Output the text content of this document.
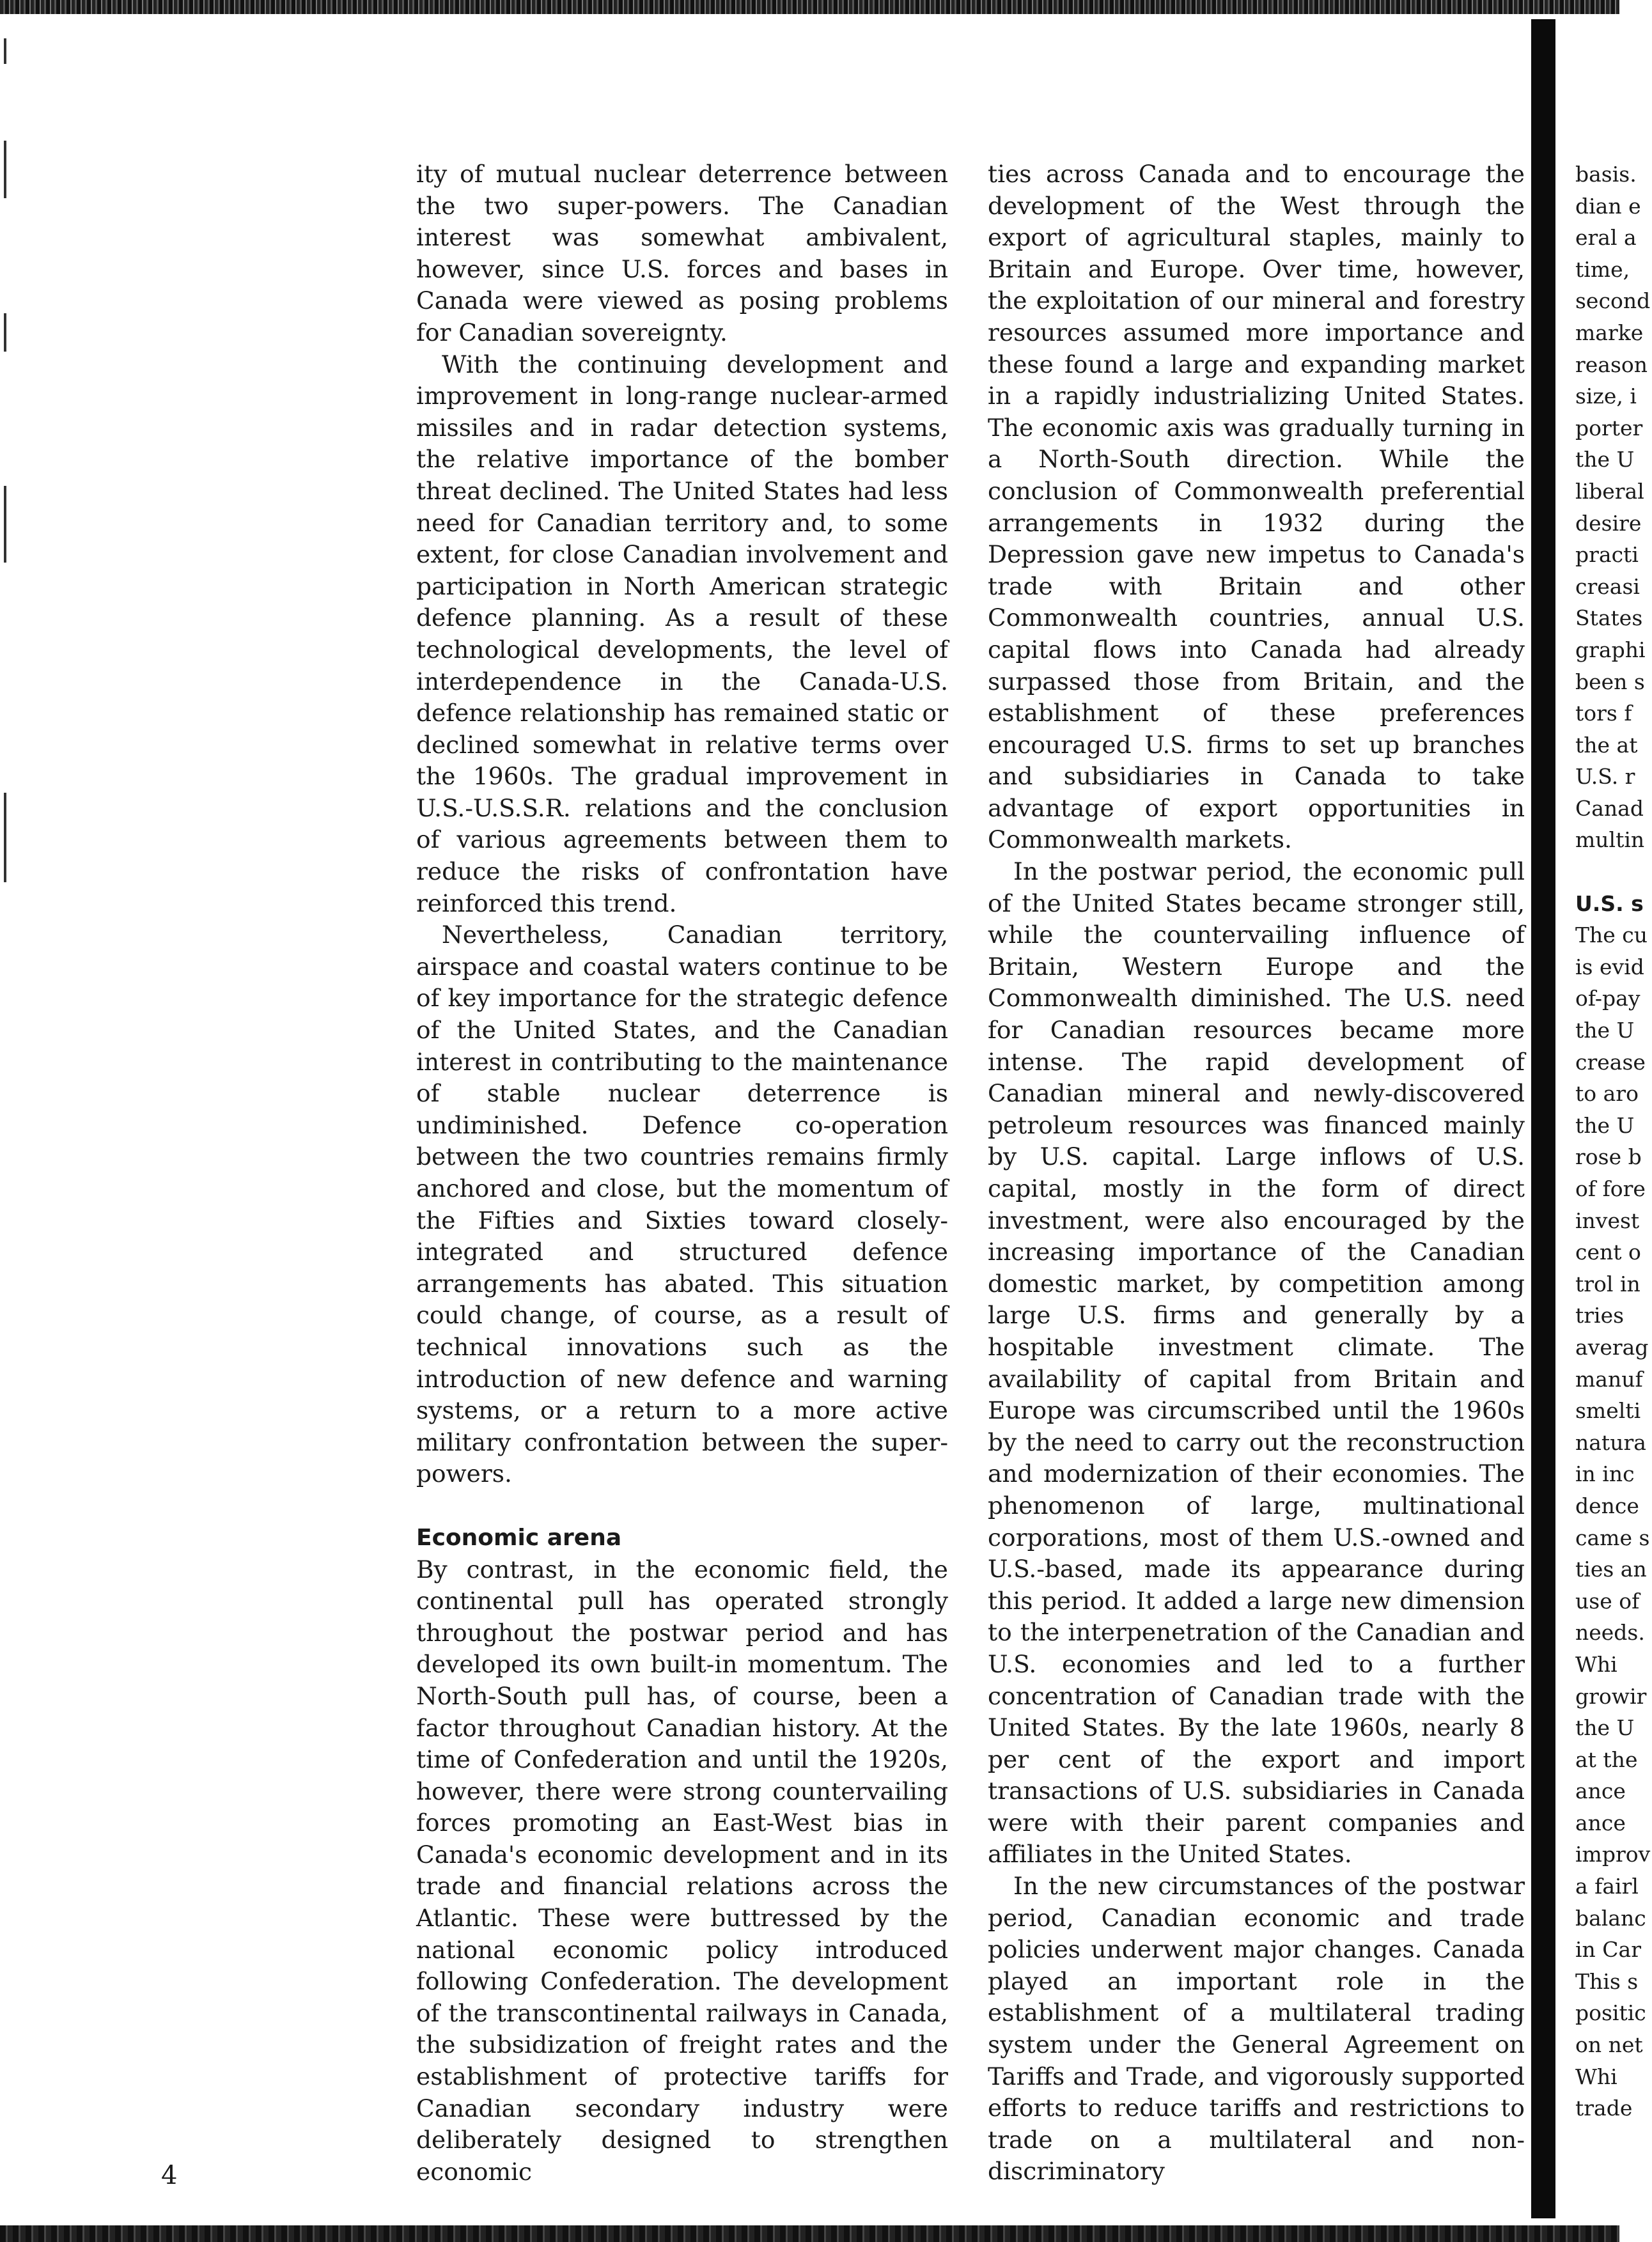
ity of mutual nuclear deterrence between the two super-powers. The Canadian interest was somewhat ambivalent, however, since U.S. forces and bases in Canada were viewed as posing problems for Canadian sovereignty.

With the continuing development and improvement in long-range nuclear-armed missiles and in radar detection systems, the relative importance of the bomber threat declined. The United States had less need for Canadian territory and, to some extent, for close Canadian involvement and participation in North American strategic defence planning. As a result of these technological developments, the level of interdependence in the Canada-U.S. defence relationship has remained static or declined somewhat in relative terms over the 1960s. The gradual improvement in U.S.-U.S.S.R. relations and the conclusion of various agreements between them to reduce the risks of confrontation have reinforced this trend.

Nevertheless, Canadian territory, airspace and coastal waters continue to be of key importance for the strategic defence of the United States, and the Canadian interest in contributing to the maintenance of stable nuclear deterrence is undiminished. Defence co-operation between the two countries remains firmly anchored and close, but the momentum of the Fifties and Sixties toward closely-integrated and structured defence arrangements has abated. This situation could change, of course, as a result of technical innovations such as the introduction of new defence and warning systems, or a return to a more active military confrontation between the super-powers.

Economic arena

By contrast, in the economic field, the continental pull has operated strongly throughout the postwar period and has developed its own built-in momentum. The North-South pull has, of course, been a factor throughout Canadian history. At the time of Confederation and until the 1920s, however, there were strong countervailing forces promoting an East-West bias in Canada's economic development and in its trade and financial relations across the Atlantic. These were buttressed by the national economic policy introduced following Confederation. The development of the transcontinental railways in Canada, the subsidization of freight rates and the establishment of protective tariffs for Canadian secondary industry were deliberately designed to strengthen economic

ties across Canada and to encourage the development of the West through the export of agricultural staples, mainly to Britain and Europe. Over time, however, the exploitation of our mineral and forestry resources assumed more importance and these found a large and expanding market in a rapidly industrializing United States. The economic axis was gradually turning in a North-South direction. While the conclusion of Commonwealth preferential arrangements in 1932 during the Depression gave new impetus to Canada's trade with Britain and other Commonwealth countries, annual U.S. capital flows into Canada had already surpassed those from Britain, and the establishment of these preferences encouraged U.S. firms to set up branches and subsidiaries in Canada to take advantage of export opportunities in Commonwealth markets.

In the postwar period, the economic pull of the United States became stronger still, while the countervailing influence of Britain, Western Europe and the Commonwealth diminished. The U.S. need for Canadian resources became more intense. The rapid development of Canadian mineral and newly-discovered petroleum resources was financed mainly by U.S. capital. Large inflows of U.S. capital, mostly in the form of direct investment, were also encouraged by the increasing importance of the Canadian domestic market, by competition among large U.S. firms and generally by a hospitable investment climate. The availability of capital from Britain and Europe was circumscribed until the 1960s by the need to carry out the reconstruction and modernization of their economies. The phenomenon of large, multinational corporations, most of them U.S.-owned and U.S.-based, made its appearance during this period. It added a large new dimension to the interpenetration of the Canadian and U.S. economies and led to a further concentration of Canadian trade with the United States. By the late 1960s, nearly 8 per cent of the export and import transactions of U.S. subsidiaries in Canada were with their parent companies and affiliates in the United States.

In the new circumstances of the postwar period, Canadian economic and trade policies underwent major changes. Canada played an important role in the establishment of a multilateral trading system under the General Agreement on Tariffs and Trade, and vigorously supported efforts to reduce tariffs and restrictions to trade on a multilateral and non-discriminatory

basis.
dian e
eral a
time,
second
marke
reason
size, i
porter
the U
liberal
desire
practi
creasi
States
graphi
been s
tors f
the at
U.S. r
Canad
multin
U.S. s
The cu
is evid
of-pay
the U
crease
to aro
the U
rose b
of fore
invest
cent o
trol in
tries
averag
manuf
smelti
natura
in inc
dence
came s
ties an
use of
needs.
Whi
growir
the U
at the
ance
ance
improv
a fairl
balanc
in Car
This s
positic
on net
Whi
trade
4
